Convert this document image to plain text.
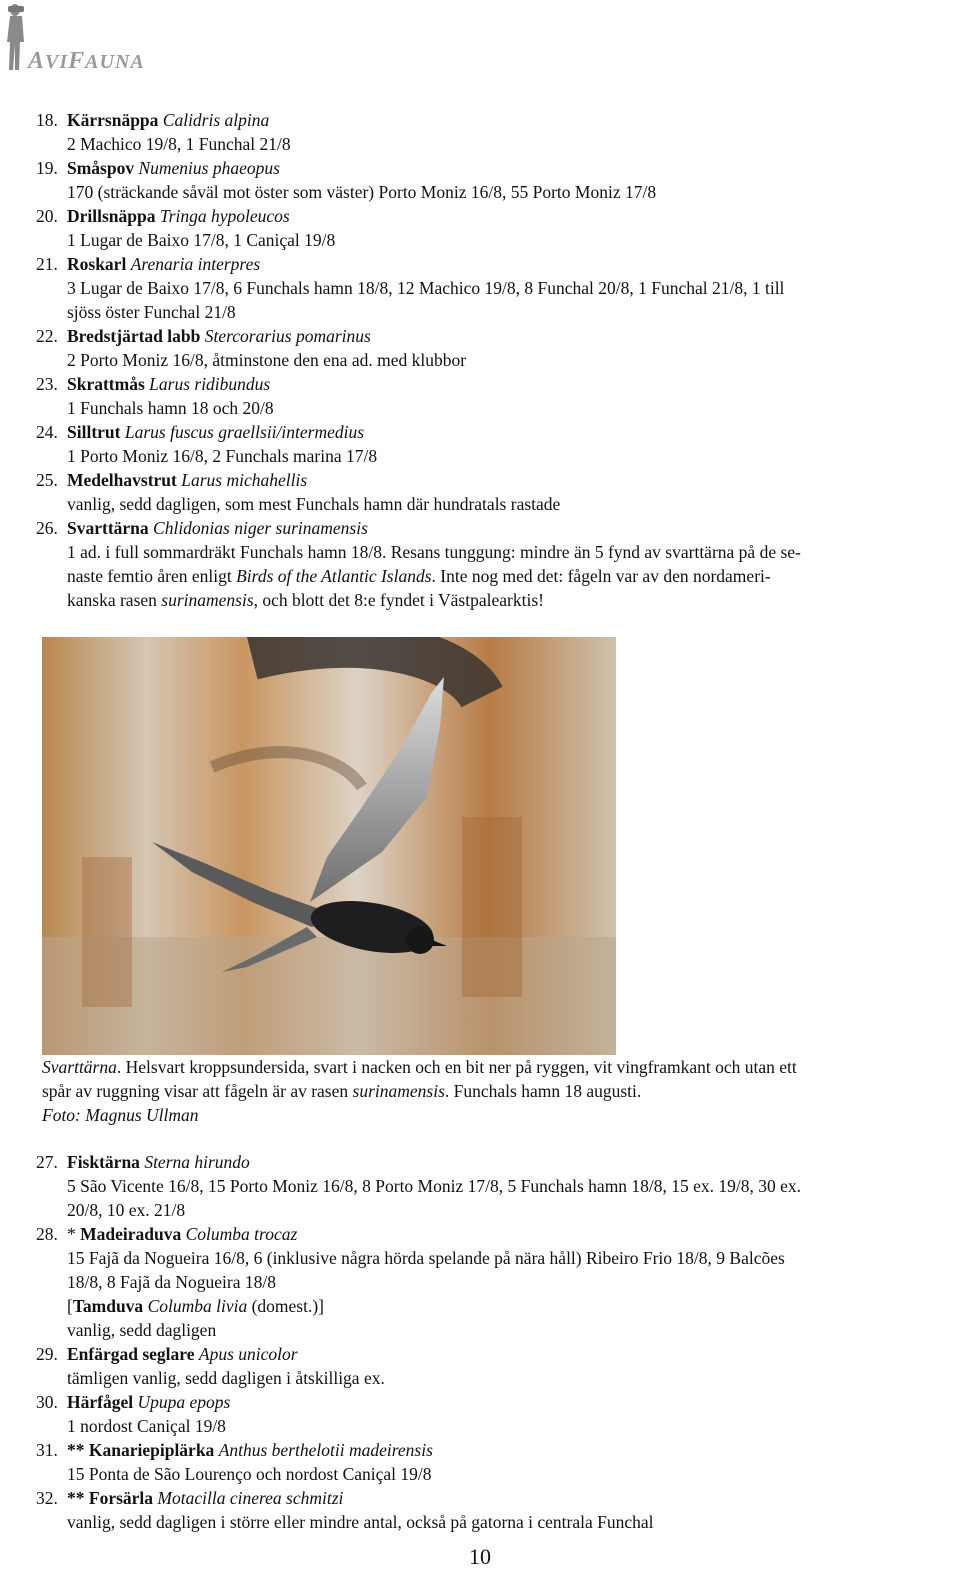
AVIFAUNA
18. Kärrsnäppa Calidris alpina
2 Machico 19/8, 1 Funchal 21/8
19. Småspov Numenius phaeopus
170 (sträckande såväl mot öster som väster) Porto Moniz 16/8, 55 Porto Moniz 17/8
20. Drillsnäppa Tringa hypoleucos
1 Lugar de Baixo 17/8, 1 Caniçal 19/8
21. Roskarl Arenaria interpres
3 Lugar de Baixo 17/8, 6 Funchals hamn 18/8, 12 Machico 19/8, 8 Funchal 20/8, 1 Funchal 21/8, 1 till
sjöss öster Funchal 21/8
22. Bredstjärtad labb Stercorarius pomarinus
2 Porto Moniz 16/8, åtminstone den ena ad. med klubbor
23. Skrattmås Larus ridibundus
1 Funchals hamn 18 och 20/8
24. Silltrut Larus fuscus graellsii/intermedius
1 Porto Moniz 16/8, 2 Funchals marina 17/8
25. Medelhavstrut Larus michahellis
vanlig, sedd dagligen, som mest Funchals hamn där hundratals rastade
26. Svarttärna Chlidonias niger surinamensis
1 ad. i full sommardräkt Funchals hamn 18/8. Resans tunggung: mindre än 5 fynd av svarttärna på de se-
naste femtio åren enligt Birds of the Atlantic Islands. Inte nog med det: fågeln var av den nordameri-
kanska rasen surinamensis, och blott det 8:e fyndet i Västpalearktis!
Svarttärna. Helsvart kroppsundersida, svart i nacken och en bit ner på ryggen, vit vingframkant och utan ett
spår av ruggning visar att fågeln är av rasen surinamensis. Funchals hamn 18 augusti.
Foto: Magnus Ullman
27. Fisktärna Sterna hirundo
5 São Vicente 16/8, 15 Porto Moniz 16/8, 8 Porto Moniz 17/8, 5 Funchals hamn 18/8, 15 ex. 19/8, 30 ex.
20/8, 10 ex. 21/8
28. * Madeiraduva Columba trocaz
15 Fajã da Nogueira 16/8, 6 (inklusive några hörda spelande på nära håll) Ribeiro Frio 18/8, 9 Balcões
18/8, 8 Fajã da Nogueira 18/8
[Tamduva Columba livia (domest.)]
vanlig, sedd dagligen
29. Enfärgad seglare Apus unicolor
tämligen vanlig, sedd dagligen i åtskilliga ex.
30. Härfågel Upupa epops
1 nordost Caniçal 19/8
31. ** Kanariepiplärka Anthus berthelotii madeirensis
15 Ponta de São Lourenço och nordost Caniçal 19/8
32. ** Forsärla Motacilla cinerea schmitzi
vanlig, sedd dagligen i större eller mindre antal, också på gatorna i centrala Funchal
10
